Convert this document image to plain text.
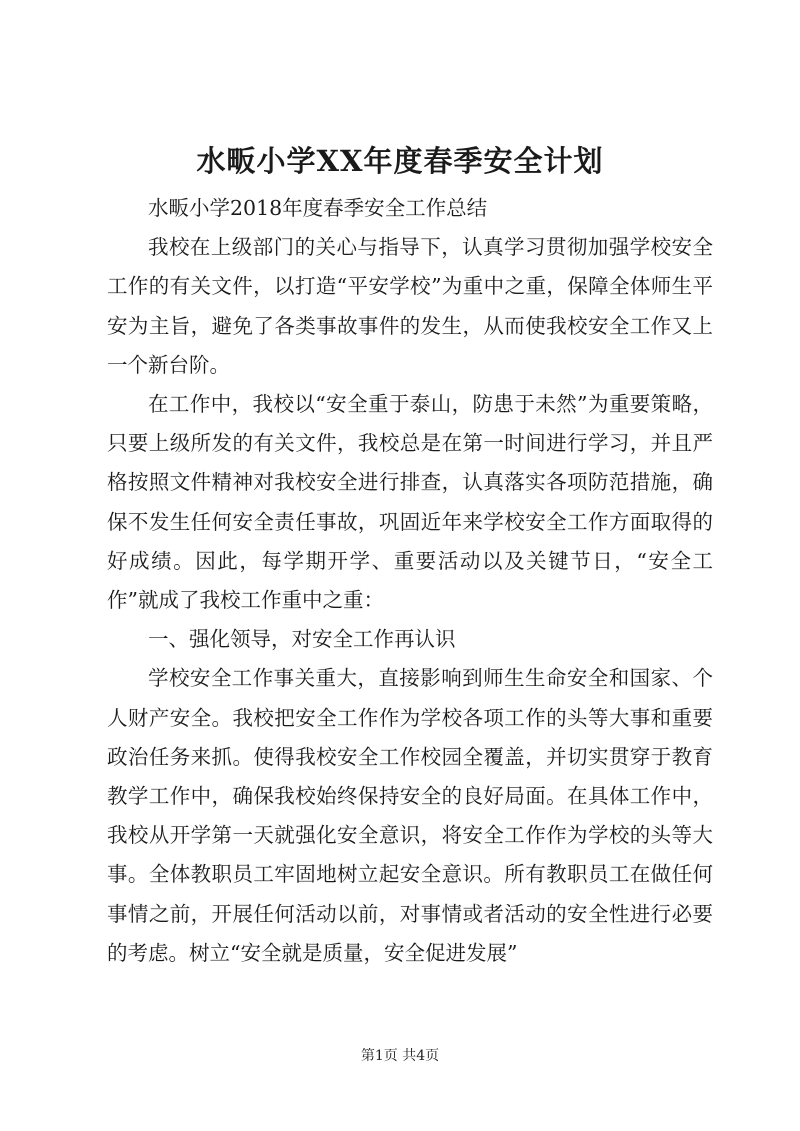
水畈小学XX年度春季安全计划

水畈小学2018年度春季安全工作总结

我校在上级部门的关心与指导下，认真学习贯彻加强学校安全工作的有关文件，以打造“平安学校”为重中之重，保障全体师生平安为主旨，避免了各类事故事件的发生，从而使我校安全工作又上一个新台阶。

在工作中，我校以“安全重于泰山，防患于未然”为重要策略，只要上级所发的有关文件，我校总是在第一时间进行学习，并且严格按照文件精神对我校安全进行排查，认真落实各项防范措施，确保不发生任何安全责任事故，巩固近年来学校安全工作方面取得的好成绩。因此，每学期开学、重要活动以及关键节日，“安全工作”就成了我校工作重中之重：

一、强化领导，对安全工作再认识

学校安全工作事关重大，直接影响到师生生命安全和国家、个人财产安全。我校把安全工作作为学校各项工作的头等大事和重要政治任务来抓。使得我校安全工作校园全覆盖，并切实贯穿于教育教学工作中，确保我校始终保持安全的良好局面。在具体工作中，我校从开学第一天就强化安全意识，将安全工作作为学校的头等大事。全体教职员工牢固地树立起安全意识。所有教职员工在做任何事情之前，开展任何活动以前，对事情或者活动的安全性进行必要的考虑。树立“安全就是质量，安全促进发展”

第1页 共4页
